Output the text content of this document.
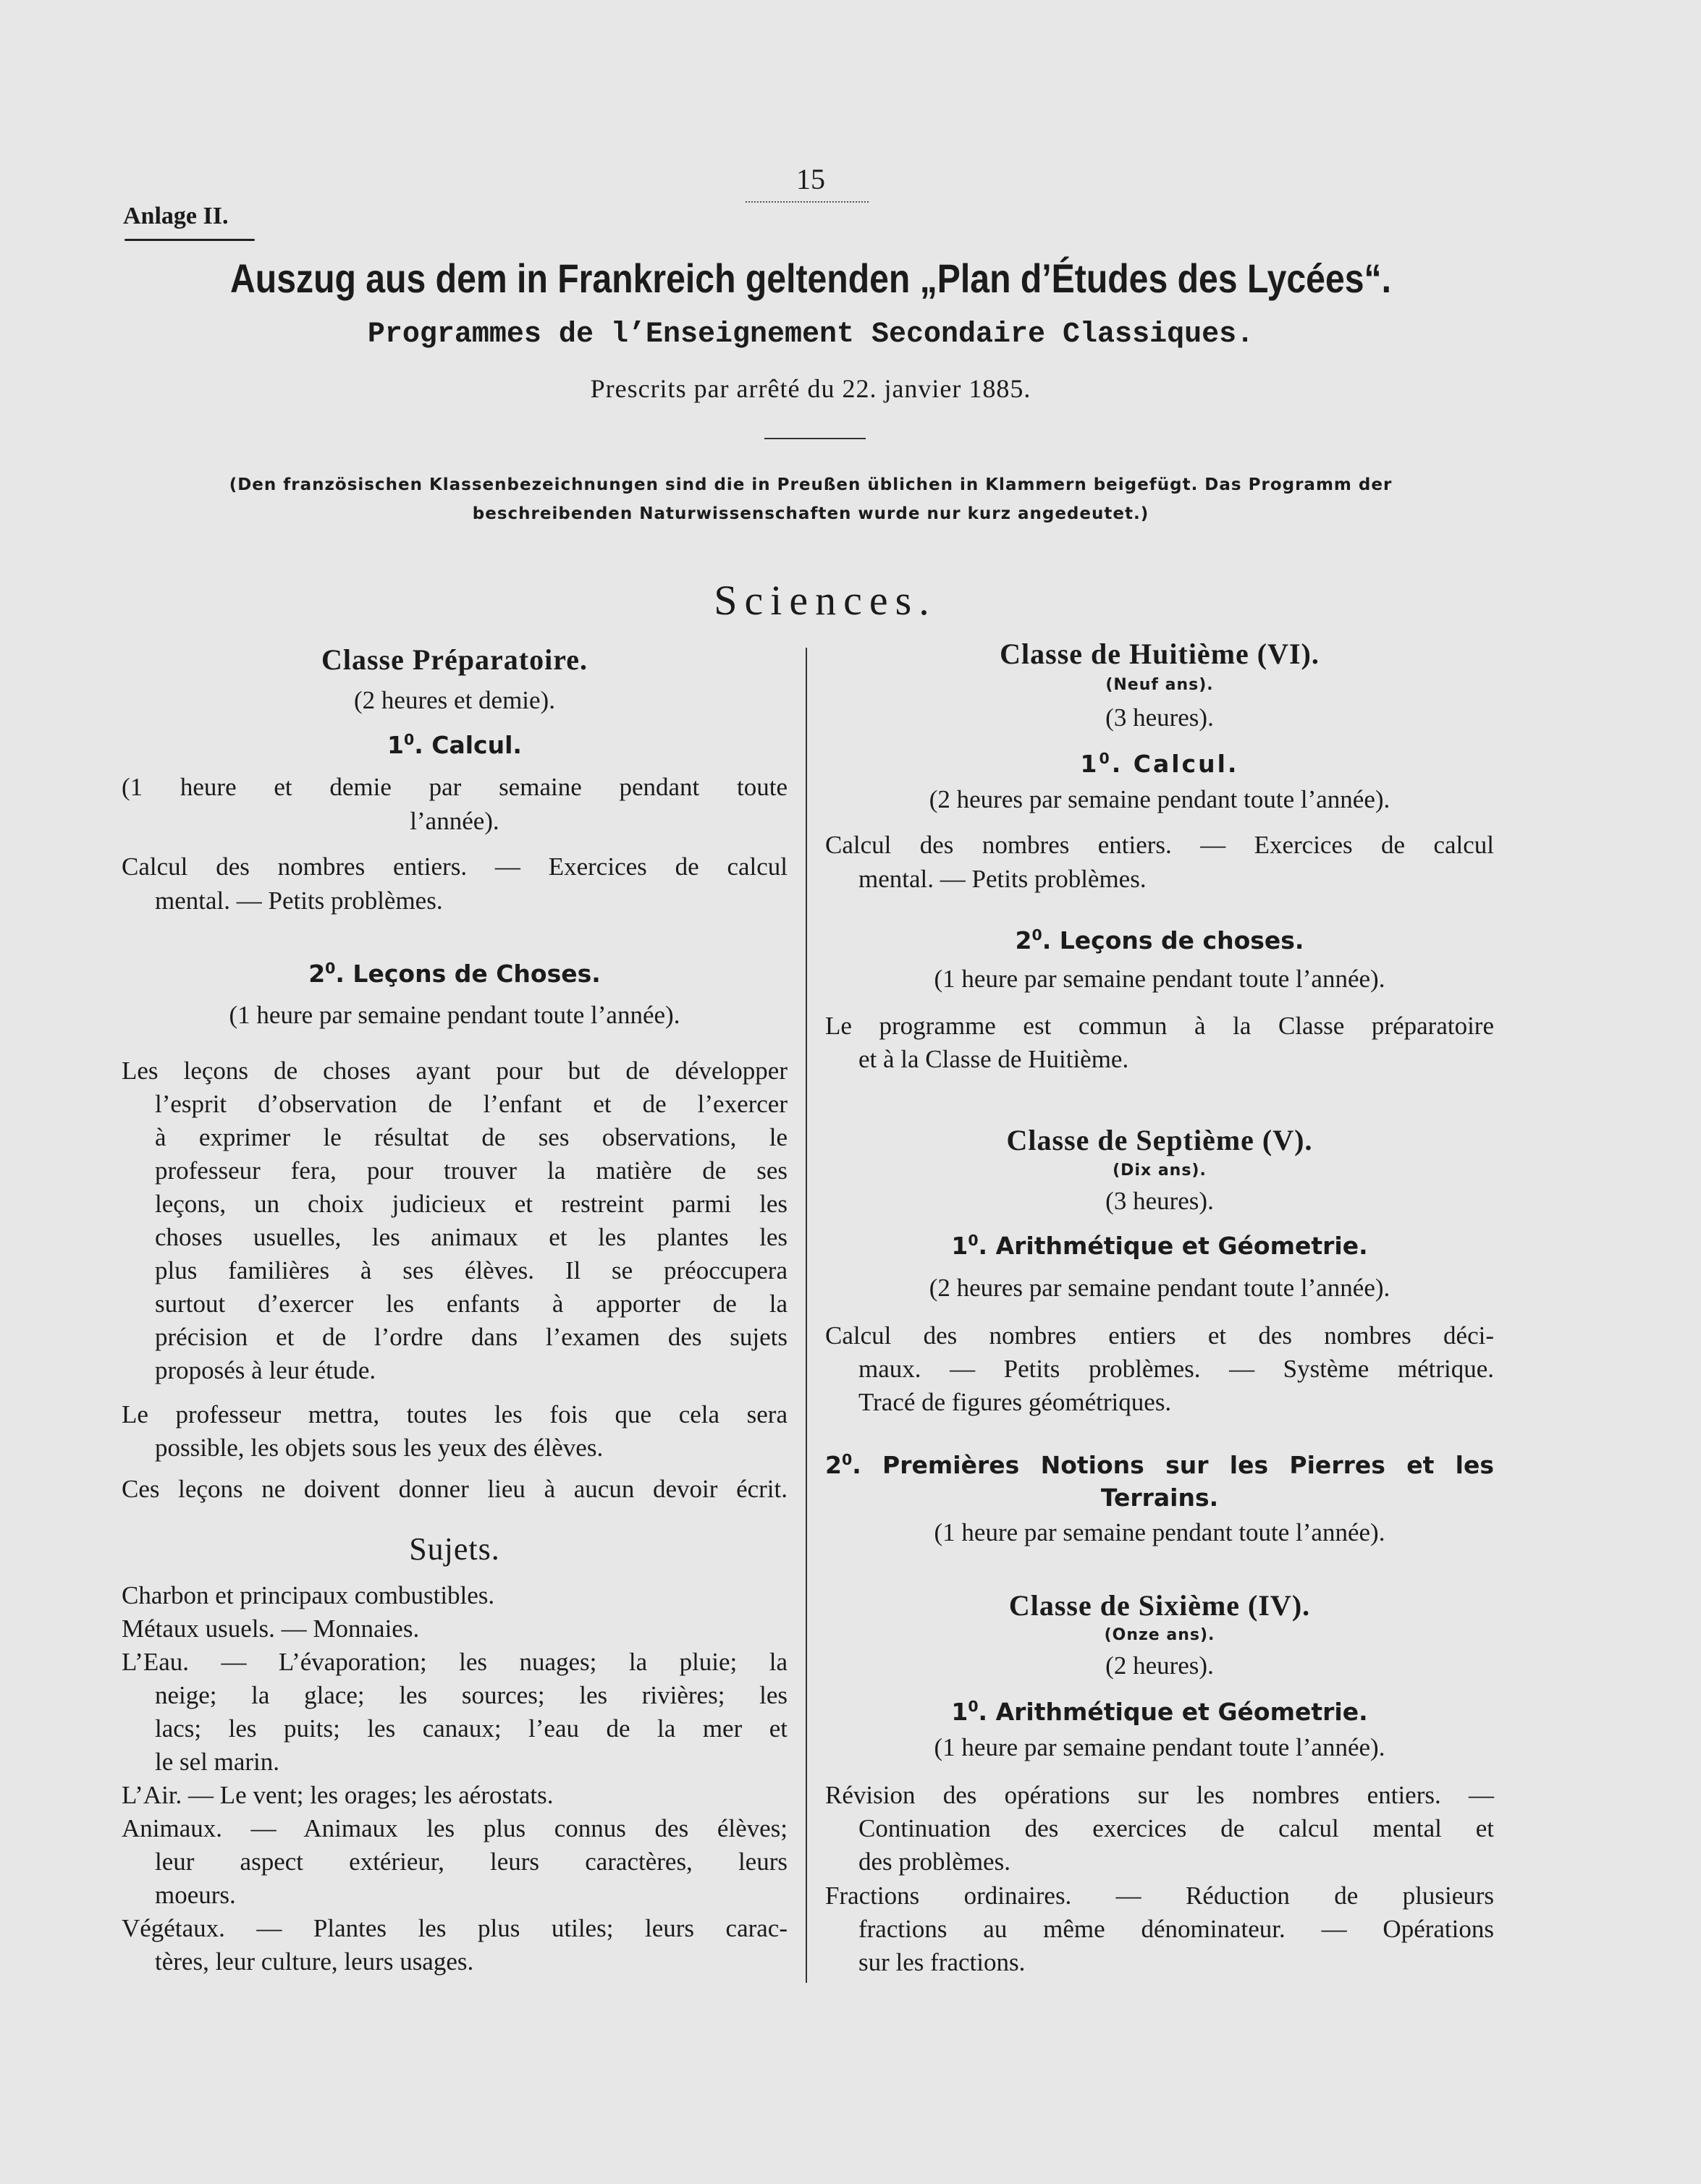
15
Anlage II.
Auszug aus dem in Frankreich geltenden „Plan d’Études des Lycées“.
Programmes de l’Enseignement Secondaire Classiques.
Prescrits par arrêté du 22. janvier 1885.
(Den französischen Klassenbezeichnungen sind die in Preußen üblichen in Klammern beigefügt. Das Programm der
beschreibenden Naturwissenschaften wurde nur kurz angedeutet.)
Sciences.
Classe Préparatoire.
(2 heures et demie).
$1^0$. Calcul.
(1 heure et demie par semaine pendant toute
l’année).
Calcul des nombres entiers. — Exercices de calcul
mental. — Petits problèmes.
$2^0$. Leçons de Choses.
(1 heure par semaine pendant toute l’année).
Les leçons de choses ayant pour but de développer
l’esprit d’observation de l’enfant et de l’exercer
à exprimer le résultat de ses observations, le
professeur fera, pour trouver la matière de ses
leçons, un choix judicieux et restreint parmi les
choses usuelles, les animaux et les plantes les
plus familières à ses élèves. Il se préoccupera
surtout d’exercer les enfants à apporter de la
précision et de l’ordre dans l’examen des sujets
proposés à leur étude.
Le professeur mettra, toutes les fois que cela sera
possible, les objets sous les yeux des élèves.
Ces leçons ne doivent donner lieu à aucun devoir écrit.
Sujets.
Charbon et principaux combustibles.
Métaux usuels. — Monnaies.
L’Eau. — L’évaporation; les nuages; la pluie; la
neige; la glace; les sources; les rivières; les
lacs; les puits; les canaux; l’eau de la mer et
le sel marin.
L’Air. — Le vent; les orages; les aérostats.
Animaux. — Animaux les plus connus des élèves;
leur aspect extérieur, leurs caractères, leurs
moeurs.
Végétaux. — Plantes les plus utiles; leurs carac-
tères, leur culture, leurs usages.
Classe de Huitième (VI).
(Neuf ans).
(3 heures).
$1^0$. Calcul.
(2 heures par semaine pendant toute l’année).
Calcul des nombres entiers. — Exercices de calcul
mental. — Petits problèmes.
$2^0$. Leçons de choses.
(1 heure par semaine pendant toute l’année).
Le programme est commun à la Classe préparatoire
et à la Classe de Huitième.
Classe de Septième (V).
(Dix ans).
(3 heures).
$1^0$. Arithmétique et Géometrie.
(2 heures par semaine pendant toute l’année).
Calcul des nombres entiers et des nombres déci-
maux. — Petits problèmes. — Système métrique.
Tracé de figures géométriques.
$2^0$. Premières Notions sur les Pierres et les
Terrains.
(1 heure par semaine pendant toute l’année).
Classe de Sixième (IV).
(Onze ans).
(2 heures).
$1^0$. Arithmétique et Géometrie.
(1 heure par semaine pendant toute l’année).
Révision des opérations sur les nombres entiers. —
Continuation des exercices de calcul mental et
des problèmes.
Fractions ordinaires. — Réduction de plusieurs
fractions au même dénominateur. — Opérations
sur les fractions.
